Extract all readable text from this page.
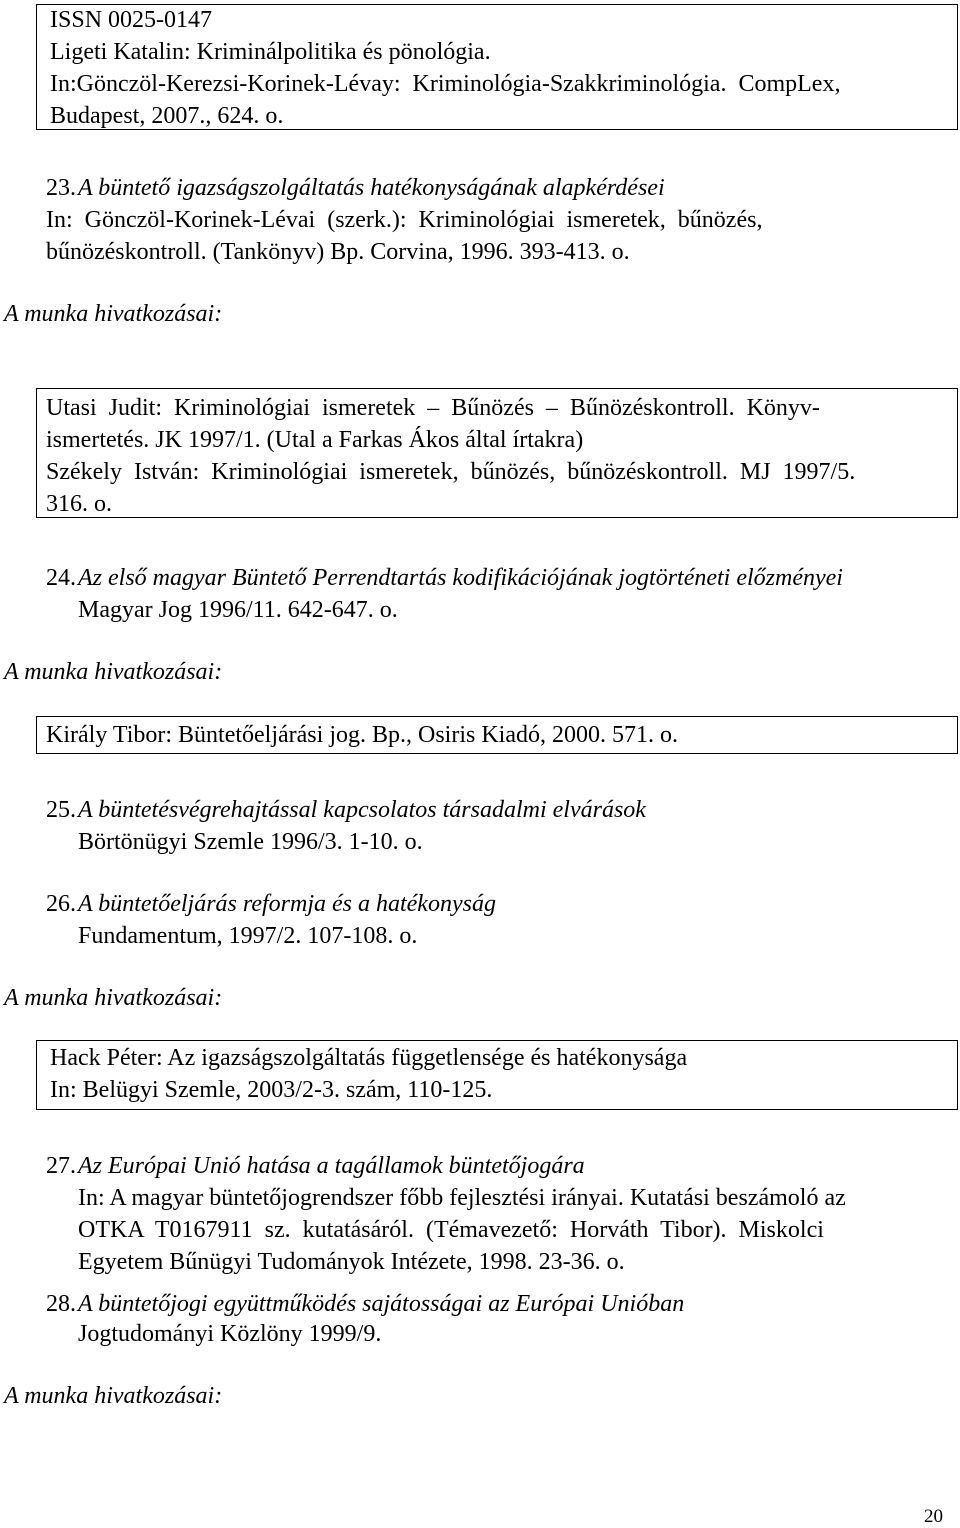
ISSN 0025-0147
Ligeti Katalin: Kriminálpolitika és pönológia.
In:Gönczöl-Kerezsi-Korinek-Lévay:  Kriminológia-Szakkriminológia.  CompLex,
Budapest, 2007., 624. o.
23. A büntető igazságszolgáltatás hatékonyságának alapkérdései
In:  Gönczöl-Korinek-Lévai  (szerk.):  Kriminológiai  ismeretek,  bűnözés,
bűnözéskontroll. (Tankönyv) Bp. Corvina, 1996. 393-413. o.
A munka hivatkozásai:
Utasi  Judit:  Kriminológiai  ismeretek  –  Bűnözés  –  Bűnözéskontroll.  Könyv-
ismertetés. JK 1997/1. (Utal a Farkas Ákos által írtakra)
Székely  István:  Kriminológiai  ismeretek,  bűnözés,  bűnözéskontroll.  MJ  1997/5.
316. o.
24. Az első magyar Büntető Perrendtartás kodifikációjának jogtörténeti előzményei
Magyar Jog 1996/11. 642-647. o.
A munka hivatkozásai:
Király Tibor: Büntetőeljárási jog. Bp., Osiris Kiadó, 2000. 571. o.
25. A büntetésvégrehajtással kapcsolatos társadalmi elvárások
Börtönügyi Szemle 1996/3. 1-10. o.
26. A büntetőeljárás reformja és a hatékonyság
Fundamentum, 1997/2. 107-108. o.
A munka hivatkozásai:
Hack Péter: Az igazságszolgáltatás függetlensége és hatékonysága
In: Belügyi Szemle, 2003/2-3. szám, 110-125.
27. Az Európai Unió hatása a tagállamok büntetőjogára
In: A magyar büntetőjogrendszer főbb fejlesztési irányai. Kutatási beszámoló az
OTKA  T0167911  sz.  kutatásáról.  (Témavezető:  Horváth  Tibor).  Miskolci
Egyetem Bűnügyi Tudományok Intézete, 1998. 23-36. o.
28. A büntetőjogi együttműködés sajátosságai az Európai Unióban
Jogtudományi Közlöny 1999/9.
A munka hivatkozásai:
20
